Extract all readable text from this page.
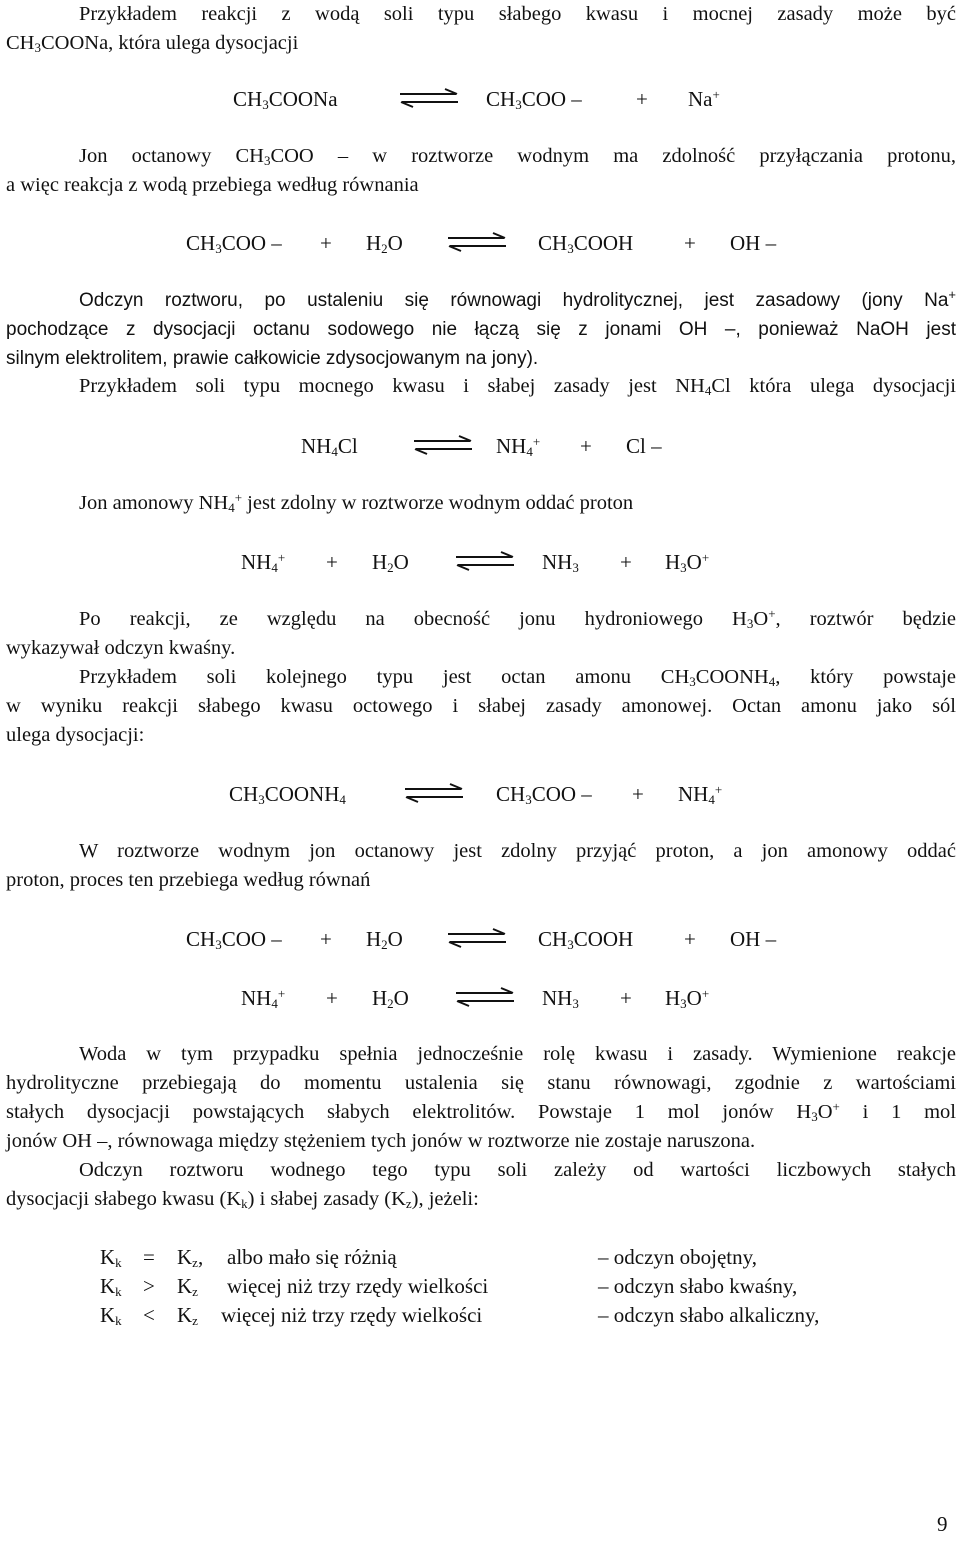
Przykładem reakcji z wodą soli typu słabego kwasu i mocnej zasady może być
$CH_3COONa$, która ulega dysocjacji
$CH_3COONa$	$CH_3COO$ –	+ Na+
Jon octanowy $CH_3COO$ – w roztworze wodnym ma zdolność przyłączania protonu,
a więc reakcja z wodą przebiega według równania
$CH_3COO$ – + $H_2O$	$CH_3COOH$ + OH –
Odczyn roztworu, po ustaleniu się równowagi hydrolitycznej, jest zasadowy (jony Na+
pochodzące z dysocjacji octanu sodowego nie łączą się z jonami OH –, ponieważ NaOH jest
silnym elektrolitem, prawie całkowicie zdysocjowanym na jony).
Przykładem soli typu mocnego kwasu i słabej zasady jest $NH_4Cl$ która ulega dysocjacji
$NH_4Cl$	$NH_4^+ + Cl$ –
Jon amonowy $NH_4^+$ jest zdolny w roztworze wodnym oddać proton
$NH_4^+ + H_2O$	$NH_3 + H_3O^+$
Po reakcji, ze względu na obecność jonu hydroniowego $H_3O^+$, roztwór będzie
wykazywał odczyn kwaśny.
Przykładem soli kolejnego typu jest octan amonu $CH_3COONH_4$, który powstaje
w wyniku reakcji słabego kwasu octowego i słabej zasady amonowej. Octan amonu jako sól
ulega dysocjacji:
$CH_3COONH_4$	$CH_3COO$ – + $NH_4^+$
W roztworze wodnym jon octanowy jest zdolny przyjąć proton, a jon amonowy oddać
proton, proces ten przebiega według równań
$CH_3COO$ – + $H_2O$	$CH_3COOH$ + OH –
$NH_4^+ + H_2O$	$NH_3 + H_3O^+$
Woda w tym przypadku spełnia jednocześnie rolę kwasu i zasady. Wymienione reakcje
hydrolityczne przebiegają do momentu ustalenia się stanu równowagi, zgodnie z wartościami
stałych dysocjacji powstających słabych elektrolitów. Powstaje 1 mol jonów $H_3O^+$ i 1 mol
jonów OH –, równowaga między stężeniem tych jonów w roztworze nie zostaje naruszona.
Odczyn roztworu wodnego tego typu soli zależy od wartości liczbowych stałych
dysocjacji słabego kwasu $(K_k)$ i słabej zasady $(K_z)$, jeżeli:
$K_k = K_z$, albo mało się różnią	– odczyn obojętny,
$K_k > K_z$ więcej niż trzy rzędy wielkości	– odczyn słabo kwaśny,
$K_k < K_z$ więcej niż trzy rzędy wielkości	– odczyn słabo alkaliczny,
9
